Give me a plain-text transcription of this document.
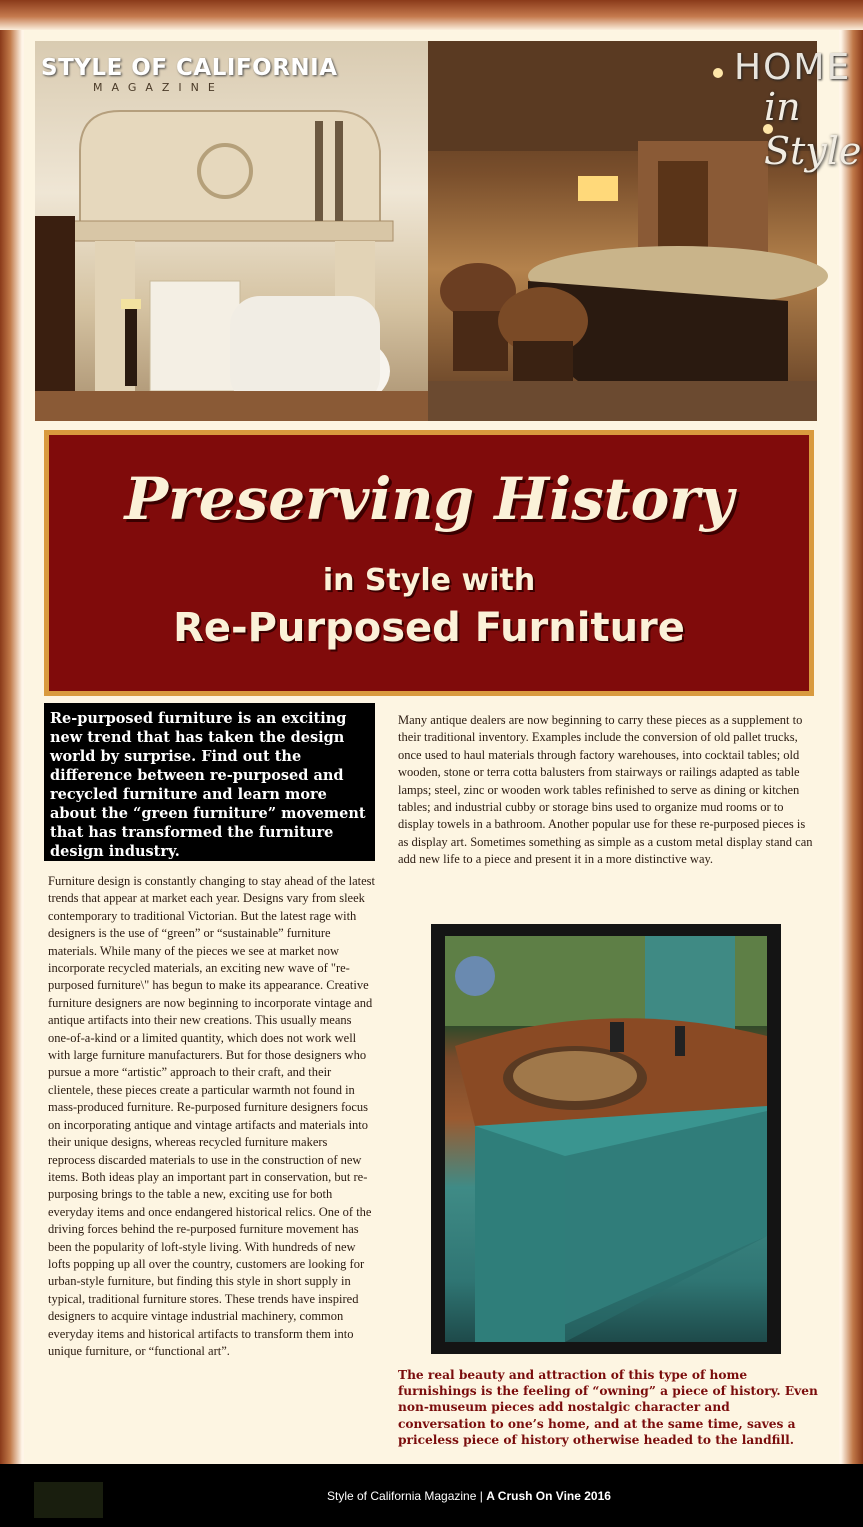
STYLE OF CALIFORNIA
MAGAZINE	HOME
in Style
Preserving History
in Style with
Re-Purposed Furniture
Re-purposed furniture is an exciting new trend that has taken the design world by surprise. Find out the difference between re-purposed and recycled furniture and learn more about the “green furniture” movement that has transformed the furniture design industry.
Furniture design is constantly changing to stay ahead of the latest trends that appear at market each year. Designs vary from sleek contemporary to traditional Victorian. But the latest rage with designers is the use of “green” or “sustainable” furniture materials. While many of the pieces we see at market now incorporate recycled materials, an exciting new wave of "re-purposed furniture\" has begun to make its appearance. Creative furniture designers are now beginning to incorporate vintage and antique artifacts into their new creations. This usually means one-of-a-kind or a limited quantity, which does not work well with large furniture manufacturers. But for those designers who pursue a more “artistic” approach to their craft, and their clientele, these pieces create a particular warmth not found in mass-produced furniture. Re-purposed furniture designers focus on incorporating antique and vintage artifacts and materials into their unique designs, whereas recycled furniture makers reprocess discarded materials to use in the construction of new items. Both ideas play an important part in conservation, but re-purposing brings to the table a new, exciting use for both everyday items and once endangered historical relics. One of the driving forces behind the re-purposed furniture movement has been the popularity of loft-style living. With hundreds of new lofts popping up all over the country, customers are looking for urban-style furniture, but finding this style in short supply in typical, traditional furniture stores. These trends have inspired designers to acquire vintage industrial machinery, common everyday items and historical artifacts to transform them into unique furniture, or “functional art”.
Many antique dealers are now beginning to carry these pieces as a supplement to their traditional inventory. Examples include the conversion of old pallet trucks, once used to haul materials through factory warehouses, into cocktail tables; old wooden, stone or terra cotta balusters from stairways or railings adapted as table lamps; steel, zinc or wooden work tables refinished to serve as dining or kitchen tables; and industrial cubby or storage bins used to organize mud rooms or to display towels in a bathroom. Another popular use for these re-purposed pieces is as display art. Sometimes something as simple as a custom metal display stand can add new life to a piece and present it in a more distinctive way.
The real beauty and attraction of this type of home furnishings is the feeling of “owning” a piece of history. Even non-museum pieces add nostalgic character and conversation to one’s home, and at the same time, saves a priceless piece of history otherwise headed to the landfill.
Style of California Magazine | A Crush On Vine 2016
